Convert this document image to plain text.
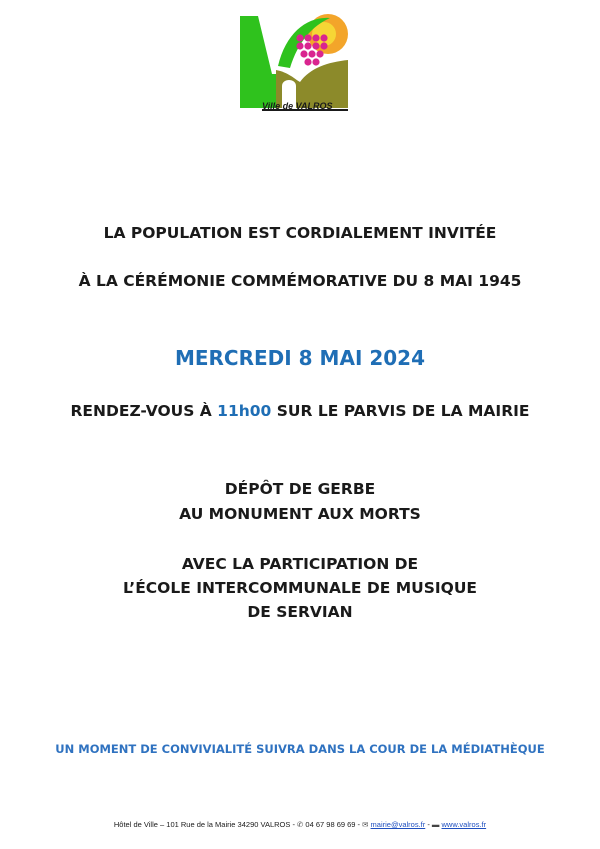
Ville de VALROS
LA POPULATION EST CORDIALEMENT INVITÉE
À LA CÉRÉMONIE COMMÉMORATIVE DU 8 MAI 1945
MERCREDI 8 MAI 2024
RENDEZ-VOUS À 11h00 SUR LE PARVIS DE LA MAIRIE
DÉPÔT DE GERBE
AU MONUMENT AUX MORTS
AVEC LA PARTICIPATION DE
L’ÉCOLE INTERCOMMUNALE DE MUSIQUE
DE SERVIAN
UN MOMENT DE CONVIVIALITÉ SUIVRA DANS LA COUR DE LA MÉDIATHÈQUE
Hôtel de Ville – 101 Rue de la Mairie 34290 VALROS - ✆ 04 67 98 69 69 - ✉ mairie@valros.fr - ▬ www.valros.fr
